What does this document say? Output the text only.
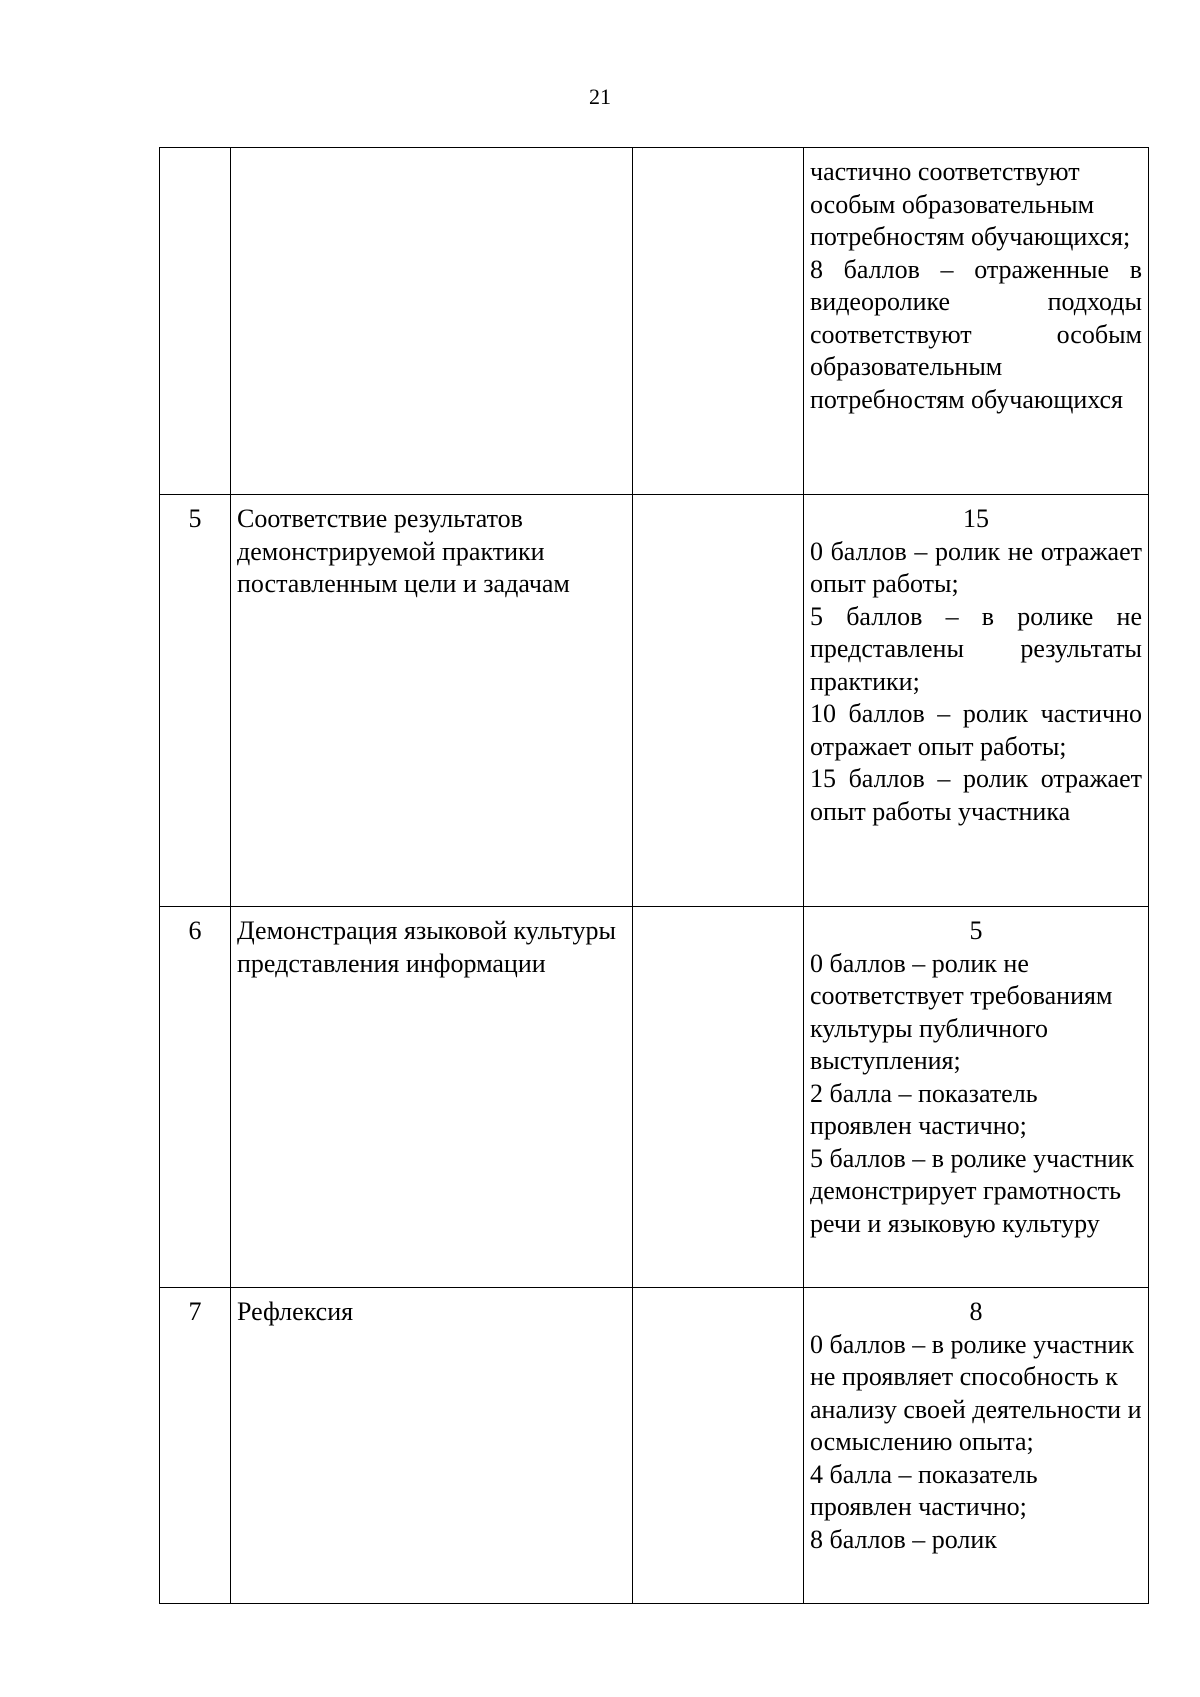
21

			частично соответствуют особым образовательным потребностям обучающихся;
8 баллов – отраженные в видеоролике подходы соответствуют особым образовательным потребностям обучающихся

5	Соответствие результатов демонстрируемой практики поставленным цели и задачам		15
0 баллов – ролик не отражает опыт работы;
5 баллов – в ролике не представлены результаты практики;
10 баллов – ролик частично отражает опыт работы;
15 баллов – ролик отражает опыт работы участника

6	Демонстрация языковой культуры представления информации		5
0 баллов – ролик не соответствует требованиям культуры публичного выступления;
2 балла – показатель проявлен частично;
5 баллов – в ролике участник демонстрирует грамотность речи и языковую культуру

7	Рефлексия		8
0 баллов – в ролике участник не проявляет способность к анализу своей деятельности и осмыслению опыта;
4 балла – показатель проявлен частично;
8 баллов – ролик
